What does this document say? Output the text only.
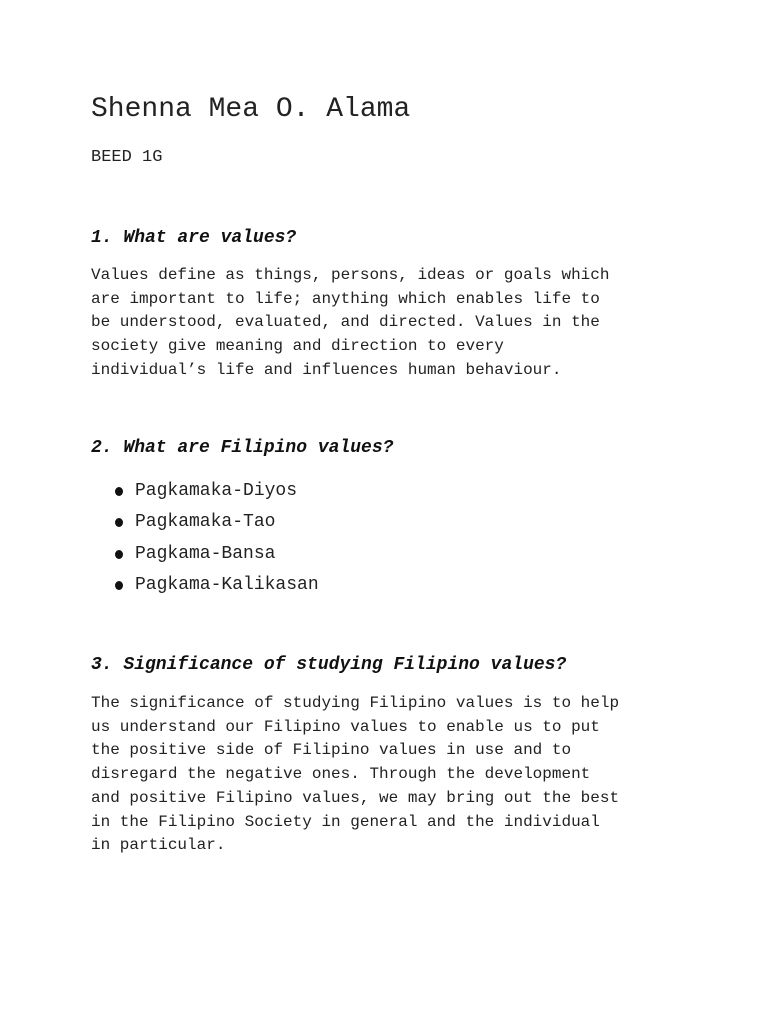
Shenna Mea O. Alama
BEED 1G
1. What are values?

Values define as things, persons, ideas or goals which
are important to life; anything which enables life to
be understood, evaluated, and directed. Values in the
society give meaning and direction to every
individual’s life and influences human behaviour.

2. What are Filipino values?
Pagkamaka-Diyos
Pagkamaka-Tao
Pagkama-Bansa
Pagkama-Kalikasan
3. Significance of studying Filipino values?

The significance of studying Filipino values is to help
us understand our Filipino values to enable us to put
the positive side of Filipino values in use and to
disregard the negative ones. Through the development
and positive Filipino values, we may bring out the best
in the Filipino Society in general and the individual
in particular.
